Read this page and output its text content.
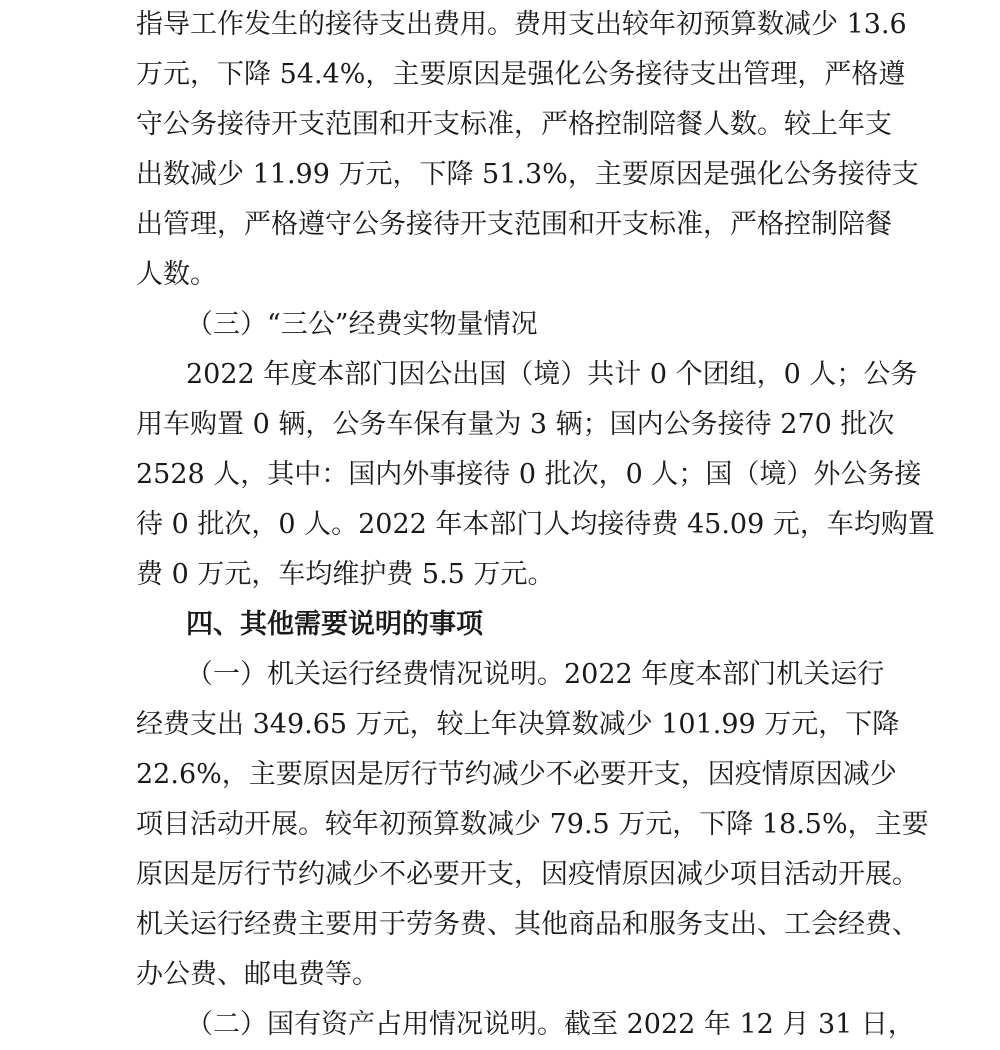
指导工作发生的接待支出费用。费用支出较年初预算数减少 13.6
万元，下降 54.4%，主要原因是强化公务接待支出管理，严格遵
守公务接待开支范围和开支标准，严格控制陪餐人数。较上年支
出数减少 11.99 万元，下降 51.3%，主要原因是强化公务接待支
出管理，严格遵守公务接待开支范围和开支标准，严格控制陪餐
人数。
（三）“三公”经费实物量情况
2022 年度本部门因公出国（境）共计 0 个团组，0 人；公务
用车购置 0 辆，公务车保有量为 3 辆；国内公务接待 270 批次
2528 人，其中：国内外事接待 0 批次，0 人；国（境）外公务接
待 0 批次，0 人。2022 年本部门人均接待费 45.09 元，车均购置
费 0 万元，车均维护费 5.5 万元。
四、其他需要说明的事项
（一）机关运行经费情况说明。2022 年度本部门机关运行
经费支出 349.65 万元，较上年决算数减少 101.99 万元，下降
22.6%，主要原因是厉行节约减少不必要开支，因疫情原因减少
项目活动开展。较年初预算数减少 79.5 万元，下降 18.5%，主要
原因是厉行节约减少不必要开支，因疫情原因减少项目活动开展。
机关运行经费主要用于劳务费、其他商品和服务支出、工会经费、
办公费、邮电费等。
（二）国有资产占用情况说明。截至 2022 年 12 月 31 日，
